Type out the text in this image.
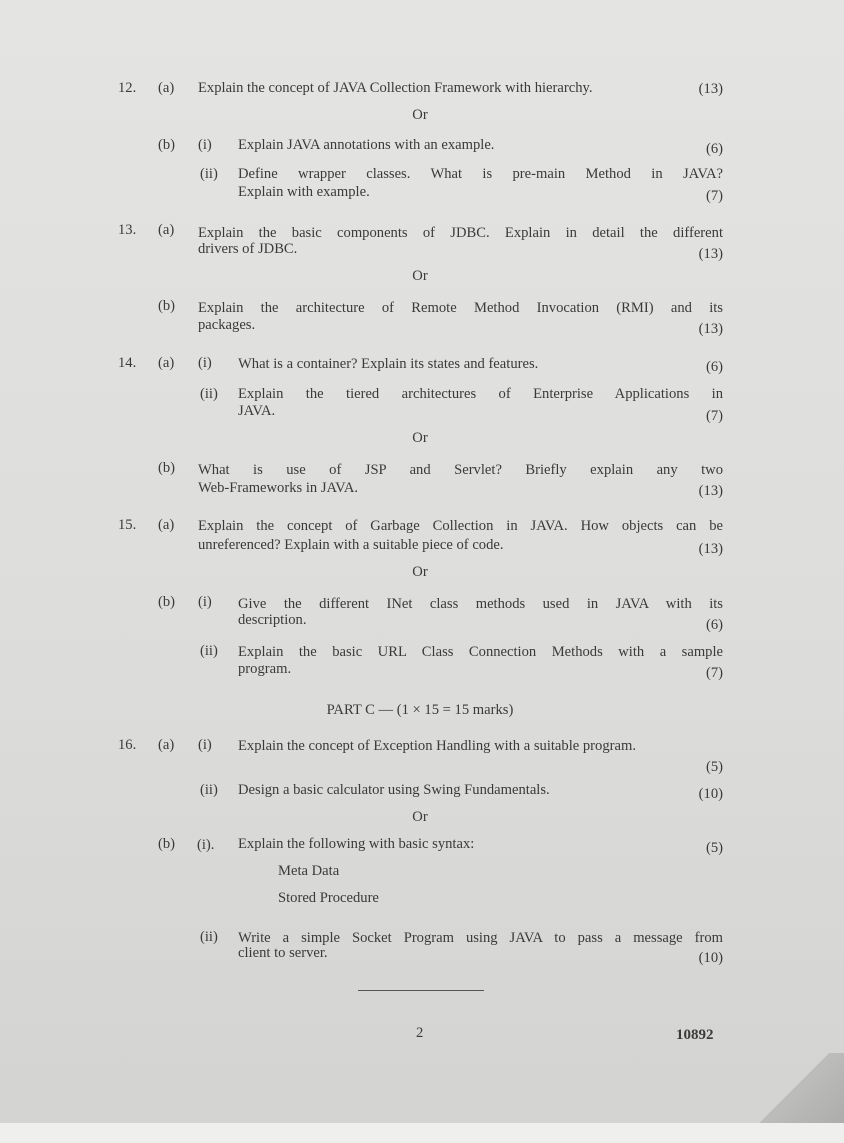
12. (a) Explain the concept of JAVA Collection Framework with hierarchy.	(13)
Or
(b) (i) Explain JAVA annotations with an example.	(6)
(ii) Define wrapper classes. What is pre-main Method in JAVA?
Explain with example.	(7)
13. (a) Explain the basic components of JDBC. Explain in detail the different
drivers of JDBC.	(13)
Or
(b) Explain the architecture of Remote Method Invocation (RMI) and its
packages.	(13)
14. (a) (i) What is a container? Explain its states and features.	(6)
(ii) Explain the tiered architectures of Enterprise Applications in
JAVA.	(7)
Or
(b) What is use of JSP and Servlet? Briefly explain any two
Web-Frameworks in JAVA.	(13)
15. (a) Explain the concept of Garbage Collection in JAVA. How objects can be
unreferenced? Explain with a suitable piece of code.	(13)
Or
(b) (i) Give the different INet class methods used in JAVA with its
description.	(6)
(ii) Explain the basic URL Class Connection Methods with a sample
program.	(7)
PART C — (1 × 15 = 15 marks)
16. (a) (i) Explain the concept of Exception Handling with a suitable program.
(5)
(ii) Design a basic calculator using Swing Fundamentals.	(10)
Or
(b) (i). Explain the following with basic syntax:	(5)
Meta Data
Stored Procedure
(ii) Write a simple Socket Program using JAVA to pass a message from
client to server.	(10)
2	10892
